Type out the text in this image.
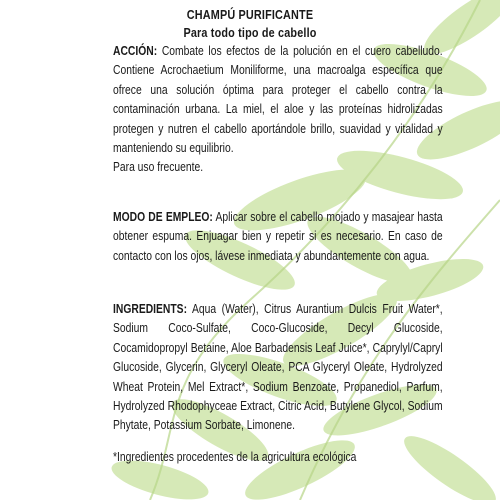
CHAMPÚ PURIFICANTE
Para todo tipo de cabello
ACCIÓN: Combate los efectos de la polución en el cuero cabelludo. Contiene Acrochaetium Moniliforme, una macroalga específica que ofrece una solución óptima para proteger el cabello contra la contaminación urbana. La miel, el aloe y las proteínas hidrolizadas protegen y nutren el cabello aportándole brillo, suavidad y vitalidad y manteniendo su equilibrio.
Para uso frecuente.
MODO DE EMPLEO: Aplicar sobre el cabello mojado y masajear hasta obtener espuma. Enjuagar bien y repetir si es necesario. En caso de contacto con los ojos, lávese inmediata y abundantemente con agua.
INGREDIENTS: Aqua (Water), Citrus Aurantium Dulcis Fruit Water*, Sodium Coco-Sulfate, Coco-Glucoside, Decyl Glucoside, Cocamidopropyl Betaine, Aloe Barbadensis Leaf Juice*, Caprylyl/Capryl Glucoside, Glycerin, Glyceryl Oleate, PCA Glyceryl Oleate, Hydrolyzed Wheat Protein, Mel Extract*, Sodium Benzoate, Propanediol, Parfum, Hydrolyzed Rhodophyceae Extract, Citric Acid, Butylene Glycol, Sodium Phytate, Potassium Sorbate, Limonene.
*Ingredientes procedentes de la agricultura ecológica
